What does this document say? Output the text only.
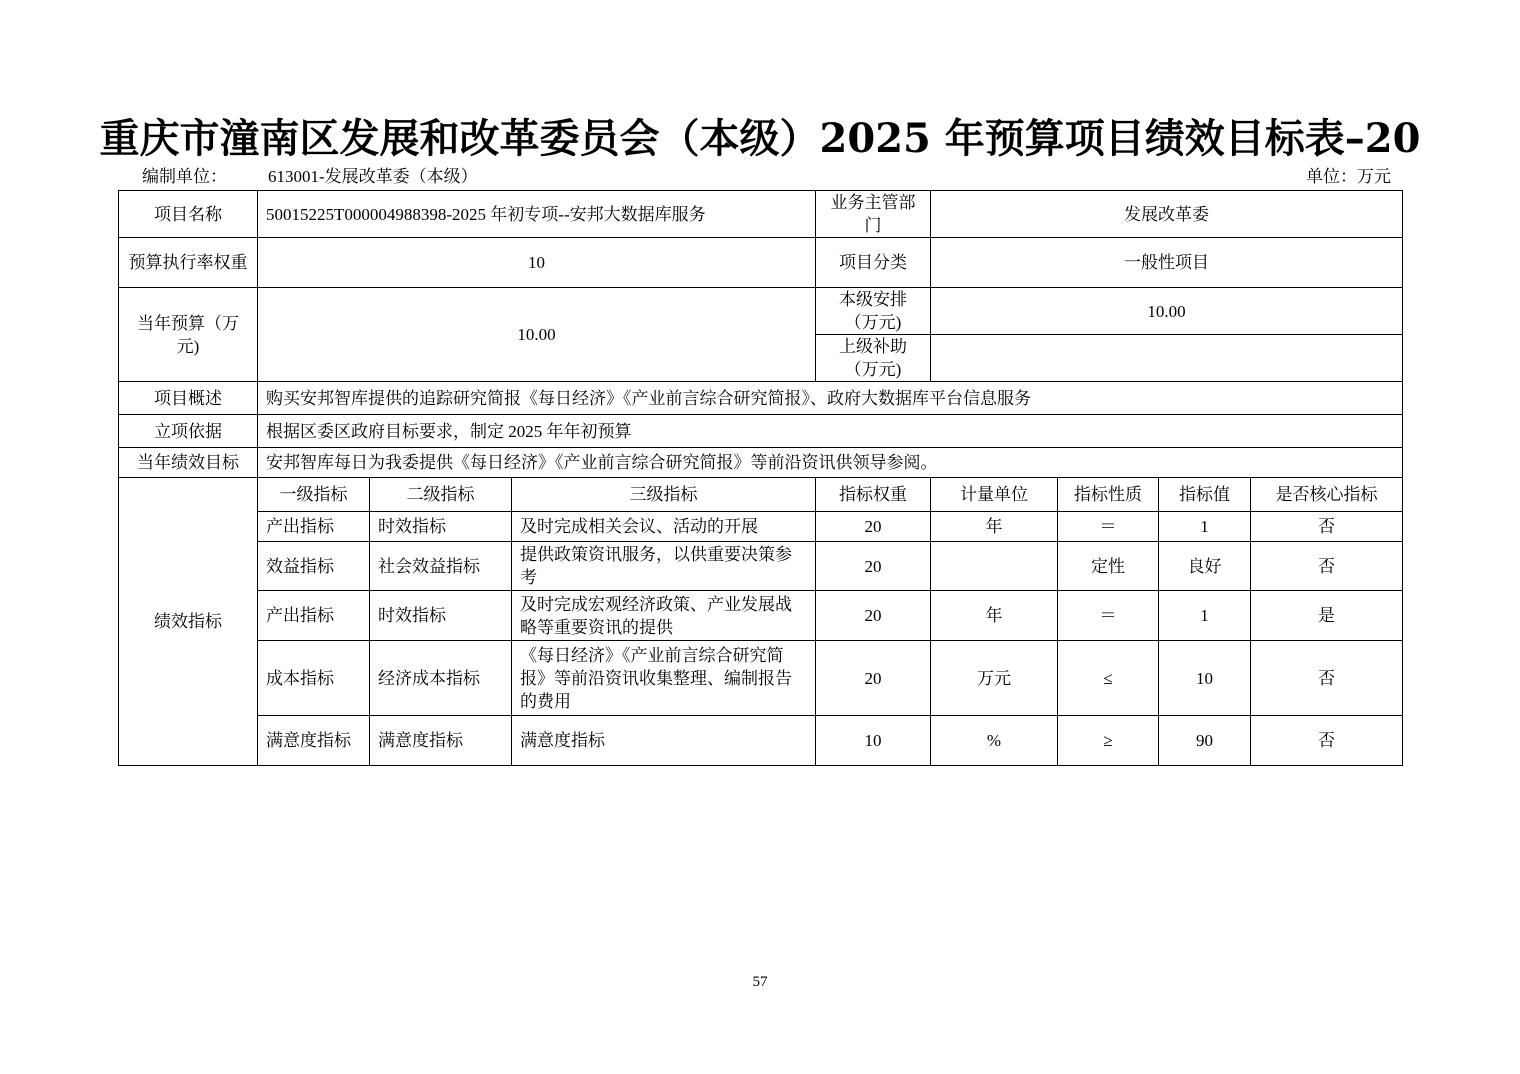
重庆市潼南区发展和改革委员会（本级）2025 年预算项目绩效目标表–20
编制单位： 613001-发展改革委（本级）	单位：万元
项目名称	50015225T000004988398-2025 年初专项--安邦大数据库服务			业务主管部门	发展改革委			
预算执行率权重	10			项目分类	一般性项目			
当年预算（万元)	10.00			本级安排（万元)	10.00			
				上级补助（万元)				
项目概述	购买安邦智库提供的追踪研究简报《每日经济》《产业前言综合研究简报》、政府大数据库平台信息服务							
立项依据	根据区委区政府目标要求，制定 2025 年年初预算							
当年绩效目标	安邦智库每日为我委提供《每日经济》《产业前言综合研究简报》等前沿资讯供领导参阅。							
绩效指标	一级指标	二级指标	三级指标	指标权重	计量单位	指标性质	指标值	是否核心指标
	产出指标	时效指标	及时完成相关会议、活动的开展	20	年	＝	1	否
	效益指标	社会效益指标	提供政策资讯服务，以供重要决策参考	20		定性	良好	否
	产出指标	时效指标	及时完成宏观经济政策、产业发展战略等重要资讯的提供	20	年	＝	1	是
	成本指标	经济成本指标	《每日经济》《产业前言综合研究简报》等前沿资讯收集整理、编制报告的费用	20	万元	≤	10	否
	满意度指标	满意度指标	满意度指标	10	%	≥	90	否
57
